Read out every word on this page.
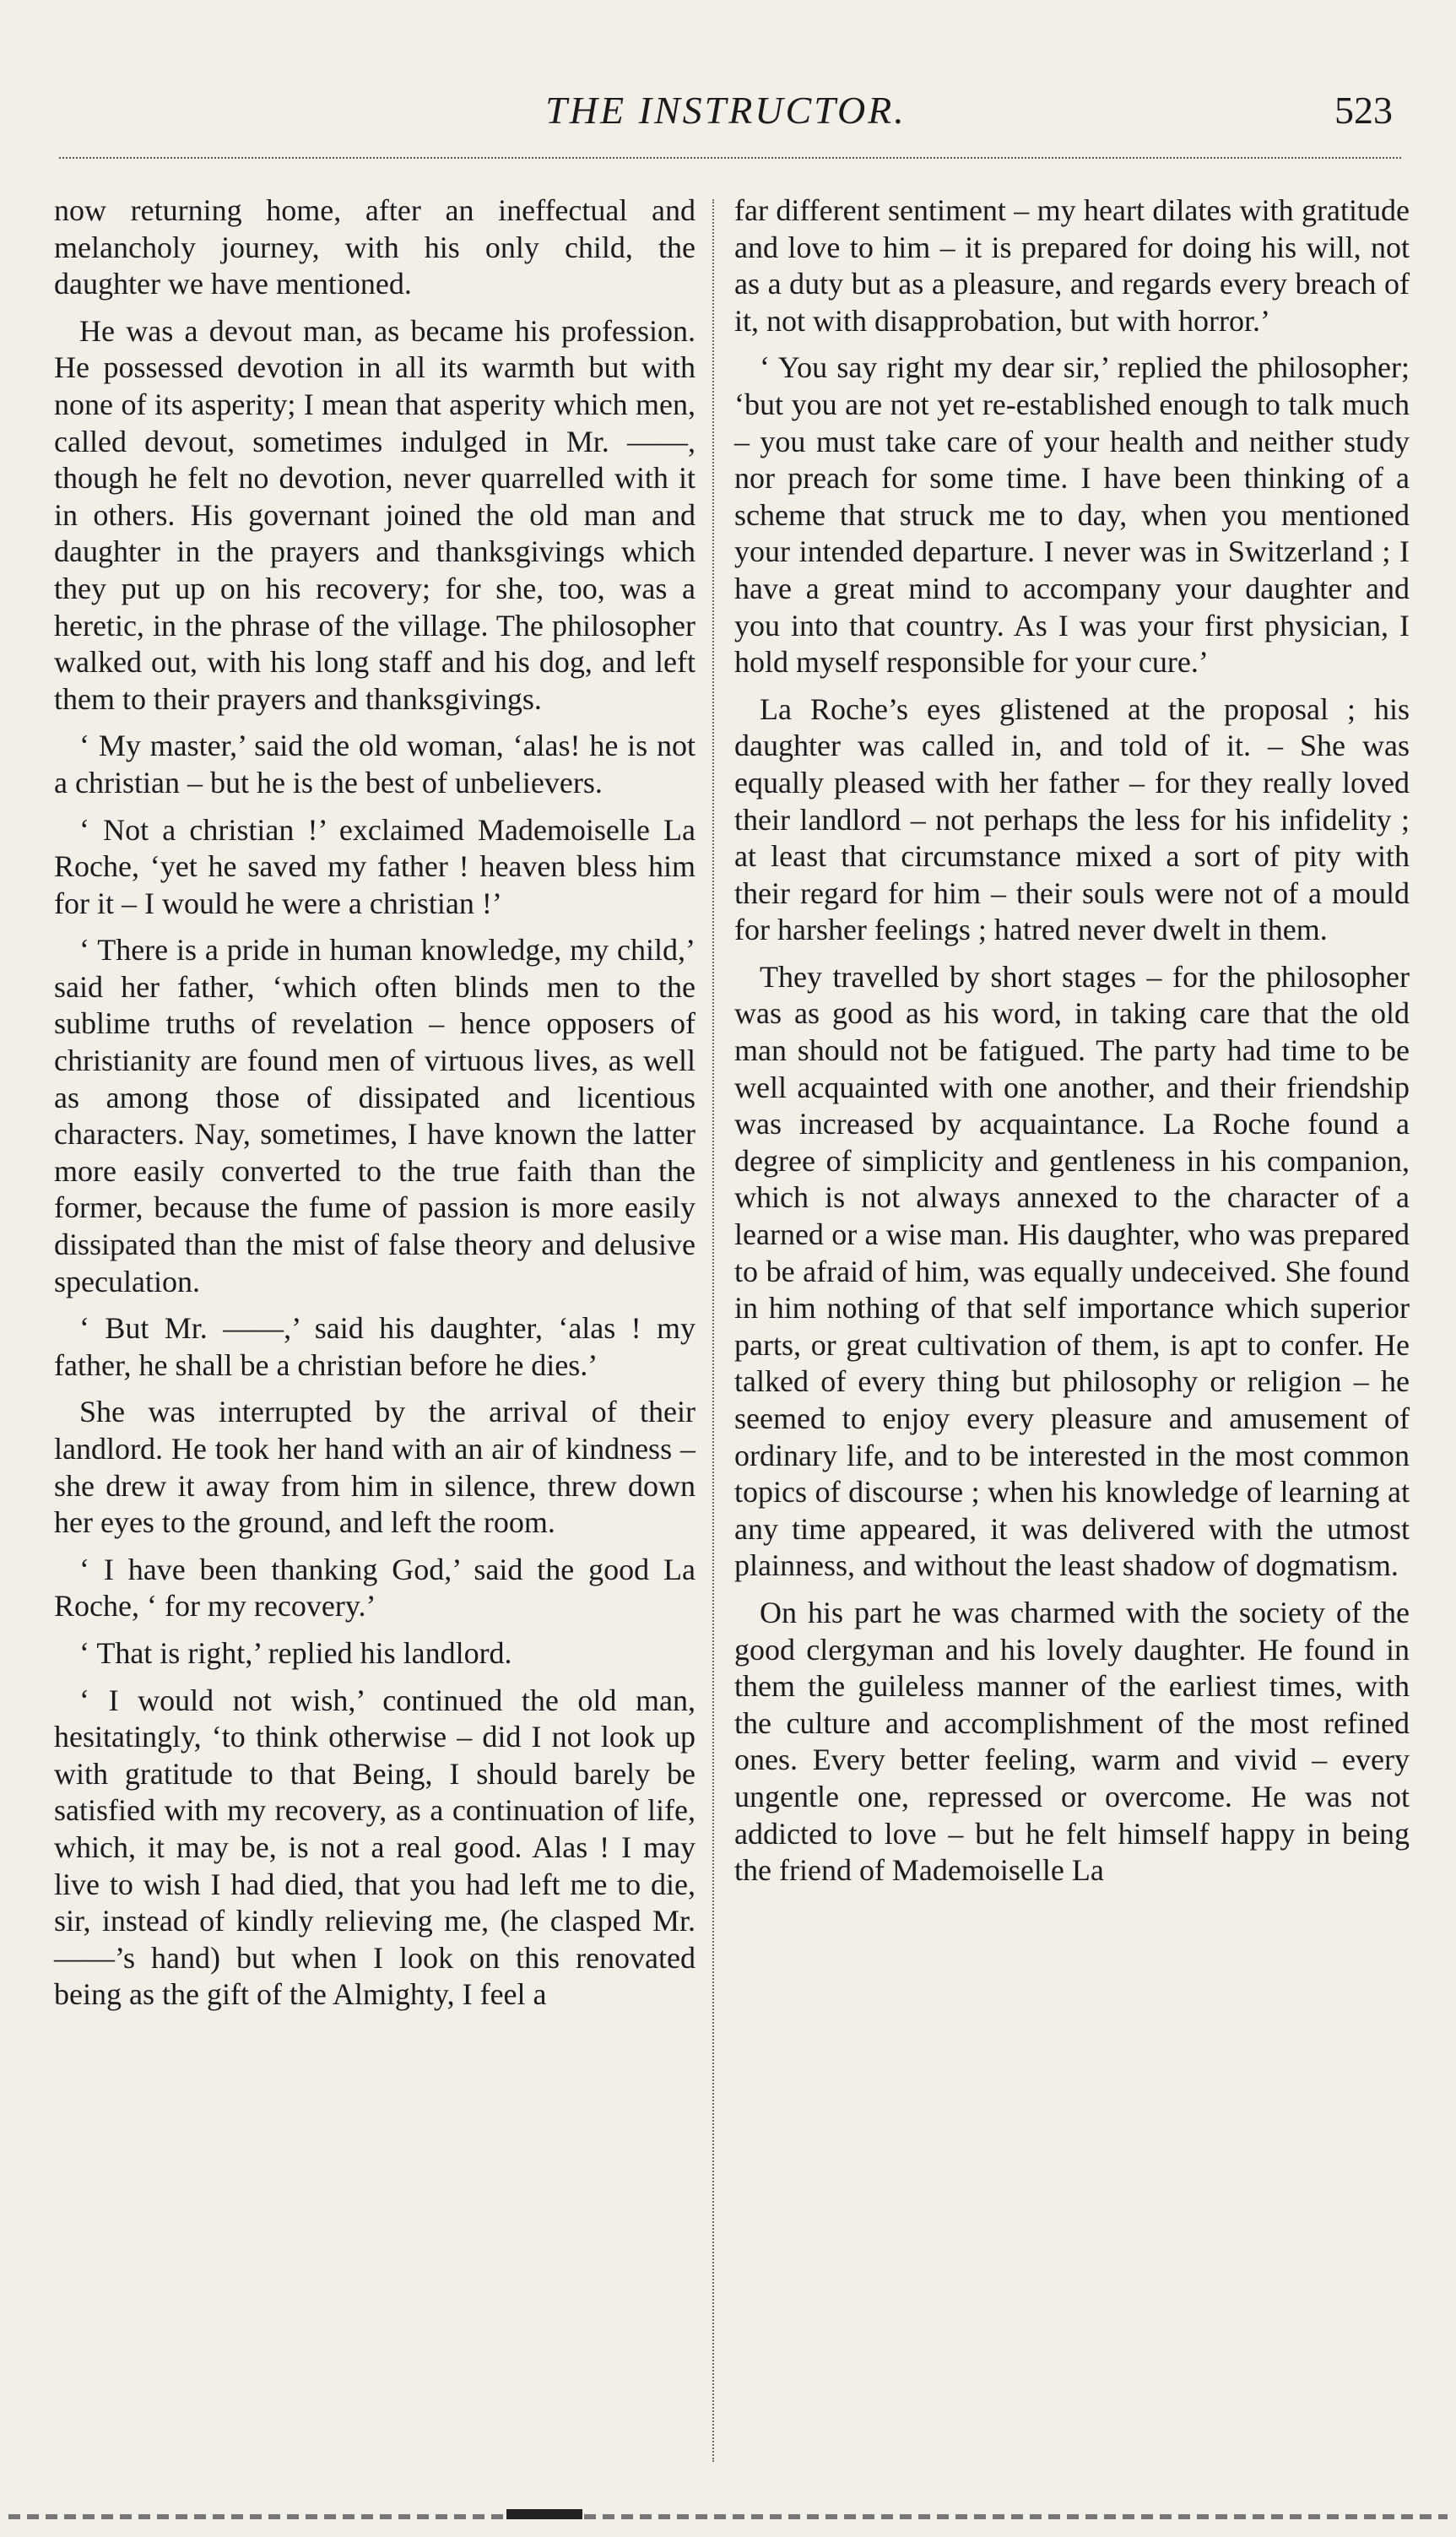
THE INSTRUCTOR.	523

now returning home, after an ineffectual and melancholy journey, with his only child, the daughter we have mentioned.

He was a devout man, as became his profession. He possessed devotion in all its warmth but with none of its asperity; I mean that asperity which men, called devout, sometimes indulged in Mr. ——, though he felt no devotion, never quarrelled with it in others. His governant joined the old man and daughter in the prayers and thanksgivings which they put up on his recovery; for she, too, was a heretic, in the phrase of the village. The philosopher walked out, with his long staff and his dog, and left them to their prayers and thanksgivings.

‘ My master,’ said the old woman, ‘alas! he is not a christian – but he is the best of unbelievers.

‘ Not a christian !’ exclaimed Mademoiselle La Roche, ‘yet he saved my father ! heaven bless him for it – I would he were a christian !’

‘ There is a pride in human knowledge, my child,’ said her father, ‘which often blinds men to the sublime truths of revelation – hence opposers of christianity are found men of virtuous lives, as well as among those of dissipated and licentious characters. Nay, sometimes, I have known the latter more easily converted to the true faith than the former, because the fume of passion is more easily dissipated than the mist of false theory and delusive speculation.

‘ But Mr. ——,’ said his daughter, ‘alas ! my father, he shall be a christian before he dies.’

She was interrupted by the arrival of their landlord. He took her hand with an air of kindness – she drew it away from him in silence, threw down her eyes to the ground, and left the room.

‘ I have been thanking God,’ said the good La Roche, ‘ for my recovery.’

‘ That is right,’ replied his landlord.

‘ I would not wish,’ continued the old man, hesitatingly, ‘to think otherwise – did I not look up with gratitude to that Being, I should barely be satisfied with my recovery, as a continuation of life, which, it may be, is not a real good. Alas ! I may live to wish I had died, that you had left me to die, sir, instead of kindly relieving me, (he clasped Mr. ——’s hand) but when I look on this renovated being as the gift of the Almighty, I feel a

far different sentiment – my heart dilates with gratitude and love to him – it is prepared for doing his will, not as a duty but as a pleasure, and regards every breach of it, not with disapprobation, but with horror.’

‘ You say right my dear sir,’ replied the philosopher; ‘but you are not yet re-established enough to talk much – you must take care of your health and neither study nor preach for some time. I have been thinking of a scheme that struck me to day, when you mentioned your intended departure. I never was in Switzerland ; I have a great mind to accompany your daughter and you into that country. As I was your first physician, I hold myself responsible for your cure.’

La Roche’s eyes glistened at the proposal ; his daughter was called in, and told of it. – She was equally pleased with her father – for they really loved their landlord – not perhaps the less for his infidelity ; at least that circumstance mixed a sort of pity with their regard for him – their souls were not of a mould for harsher feelings ; hatred never dwelt in them.

They travelled by short stages – for the philosopher was as good as his word, in taking care that the old man should not be fatigued. The party had time to be well acquainted with one another, and their friendship was increased by acquaintance. La Roche found a degree of simplicity and gentleness in his companion, which is not always annexed to the character of a learned or a wise man. His daughter, who was prepared to be afraid of him, was equally undeceived. She found in him nothing of that self importance which superior parts, or great cultivation of them, is apt to confer. He talked of every thing but philosophy or religion – he seemed to enjoy every pleasure and amusement of ordinary life, and to be interested in the most common topics of discourse ; when his knowledge of learning at any time appeared, it was delivered with the utmost plainness, and without the least shadow of dogmatism.

On his part he was charmed with the society of the good clergyman and his lovely daughter. He found in them the guileless manner of the earliest times, with the culture and accomplishment of the most refined ones. Every better feeling, warm and vivid – every ungentle one, repressed or overcome. He was not addicted to love – but he felt himself happy in being the friend of Mademoiselle La
